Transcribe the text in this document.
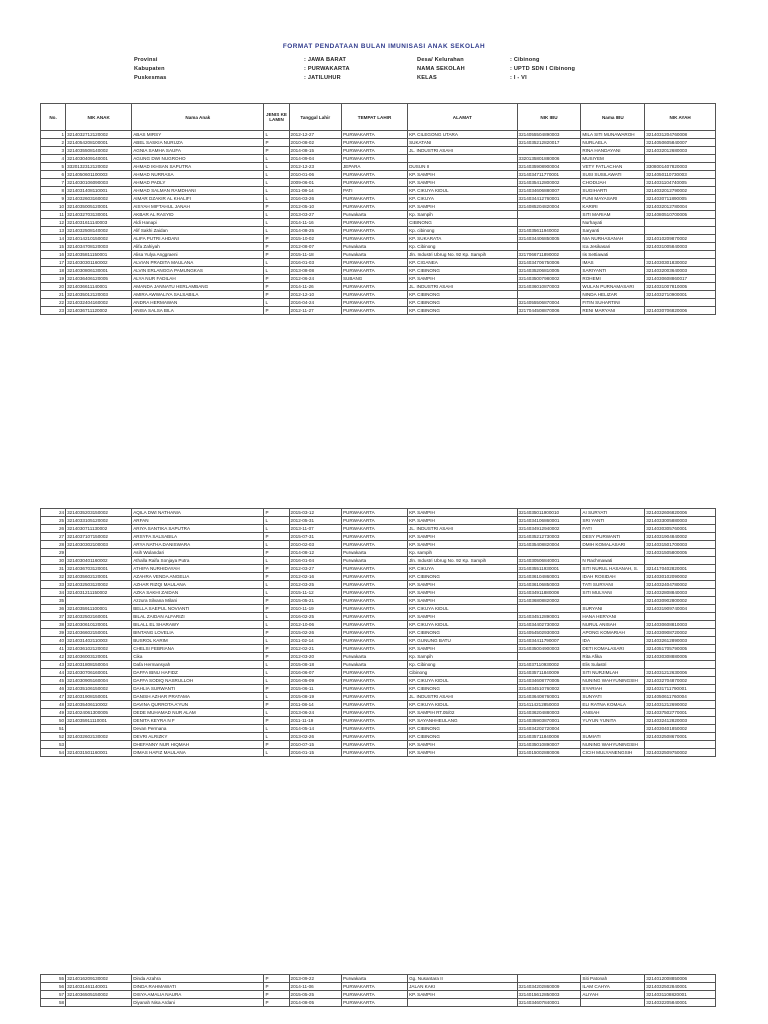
FORMAT PENDATAAN BULAN IMUNISASI ANAK SEKOLAH
Provinsi
Kabupaten
Puskesmas
: JAWA BARAT
: PURWAKARTA
: JATILUHUR
Desa/ Kelurahan
NAMA SEKOLAH
KELAS
: Cibinong
: UPTD SDN I Cibinong
: I - VI
No.	NIK ANAK	Nama Anak	JENIS KELAMIN	Tanggal Lahir	TEMPAT LAHIR	ALAMAT	NIK IBU	Nama IBU	NIK AYAH
1	3214032712120002	ABAS MIRSY	L	2012-12-27	PURWAKARTA	KP. CILEGONG UTARA	3214055504890003	MILA SITI MUNAWAROH	3214031204760008
2	3214054208100001	ABEL SASKIA NURUZA	P	2010-08-02	PURWAKARTA	SUKATANI	3214035212820017	NURLAELA	3214050605840007
3	3214035508140002	AGNIA SAMHA SAUFA	P	2014-08-15	PURWAKARTA	JL. INDUSTRI ASAHI		RINA HANDAYANI	3214032012680003
4	3214030409140001	AGUNG DWI NUGROHO	L	2014-09-04	PURWAKARTA		3320135801880006	MUSIYEM	
5	3320132312120002	AHMAD IKHSAN SAPUTRA	L	2012-12-23	JEPARA	DUSUN II	3214035908900004	VETY FATLACHAN	3308001407820003
6	3214050601100003	AHMAD NURRASA	L	2010-01-06	PURWAKARTA	KP. SAMPIH	3214034711770001	SUSI SUSILAWATI	3214050110730003
7	3214030106090003	AHMAD PADLY	L	2009-06-01	PURWAKARTA	KP. SAMPIH	3214035412800002	CHODIJAH	3214031104740005
8	3214031408110001	AHMAD SALMAN RAMDHANI	L	2011-08-14	PATI	KP. CIKUYA KIDUL	3214034606880007	SUGIHARTI	3214032012790002
9	3214032603160002	AIMAR DZAKIR AL KHALIFI	L	2016-03-26	PURWAKARTA	KP. CIKUYA	3214034412760001	FUNI MAYASARI	3214030711890005
10	3214035005120001	AISYAH MIFTAHUL JANAH	P	2012-05-10	PURWAKARTA	KP. SAMPIH	3214085204820004	KARIRI	3214032012780004
11	3214032703130001	AKBAR AL RASYID	L	2013-03-27	Purwakarta	Kp. Sampih		SITI MARIAM	3214080510700005
12	3214031611140003	Aldi Hanapi	L	2014-11-16	PURWAKARTA	CIBINONG		Nurhayati	
13	3214032508140002	Alif Sakhi Zaidan	L	2014-08-25	PURWAKARTA	Kp. cibinong	3214035611940002	Saryanti	
14	3214014210150002	ALIFA PUTRI AHDANI	P	2015-10-02	PURWAKARTA	KP. SUKARATA	3214034406850005	NIA NURHASANAH	3214010209870002
15	3214034708120003	Alifa Zahiyah	P	2012-08-07	Purwakarta	Kp. Cibinong		Ica Jesikasari	3214031005840003
16	3214035811150001	Alisa Yulya Anggraeni	P	2015-11-18	Purwakarta	Jln. Industri Ubrug No. 92 Kp. Sampih	3217066711890002	Iis Settiawati	
17	3214030301160002	ALVIAN PRADITA MAULANA	L	2016-01-03	PURWAKARTA	KP. CIGANEA	3214034706750006	IMAS	3214030301830002
18	3214030806130001	ALVIN ERLANGGA PAMUNGKAS	L	2013-08-08	PURWAKARTA	KP. CIBINONG	3214035206810005	SARIYANTI	3214032003640003
19	3214036406120005	ALYA NUR FADILAH	P	2012-06-24	SUBANG	KP. SAMPIH	3214035007980002	ROHEMI	3214030608860017
20	3214036611140001	AMANDA JANNATU HERLAMBANG	P	2014-11-26	PURWAKARTA	JL. INDUSTRI ASAHI	3214036010870003	WULAN PURNAMASARI	3214031007810005
21	3214035012120003	AMIRA AWWALIYA SALSABILA	P	2012-12-10	PURWAKARTA	KP. CIBINONG		NINDA HELIZAR	3214032710900001
22	3214032404160002	ANDRA HERMAWAN	L	2016-04-24	PURWAKARTA	KP. CIBINONG	3214055506870004	FITIN SUHARTINI	
23	3214036711120002	ANISA SALSA BILA	P	2012-11-27	PURWAKARTA	KP. CIBINONG	3217044508870006	RENI MARYANI	3214030706820006
24	3214035203150002	AQILA DWI NATHANIA	P	2015-03-12	PURWAKARTA	KP. SAMPIH	3214035011900010	AI SURYATI	3214032606820006
25	3214033105120002	ARFAN	L	2012-05-31	PURWAKARTA	KP. SAMPIH	3214034106860001	SRI YANTI	3214033005880003
26	3214030711130002	ARIYA SANTIKA SAPUTRA	L	2013-11-07	PURWAKARTA	JL. INDUSTRI ASAHI	3214034912940002	FATI	3214030305760001
27	3214037107150002	ARSYFA SALSABILA	P	2015-07-31	PURWAKARTA	KP. SAMPIH	3214035212730003	DESY PURWANTI	3214031904840002
28	3214030302100003	ARYA NATHA DANISWARA	L	2010-02-03	PURWAKARTA	KP. SAMPIH	3214035408820004	DMIH KOMALASARI	3214031501700003
29		Asih Wulandari	P	2014-08-12	Purwakarta	Kp. sampih			3214031505800005
30	3214030401160002	Athalla Raifa Sonjaya Putra	L	2016-01-04	Purwakarta	Jln. Industri Ubrug No. 92 Kp. Sampih	3214030506840001	N Rachmawati	
31	3214036703120001	ATHIFA NURHIDAYAH	P	2012-03-27	PURWAKARTA	KP. CIKUYA	3214035511930001	SITI NURUL HASANAH, S.	3214170402820001
32	3214035602120001	AZAHRA VENDA ANGELIA	P	2012-02-16	PURWAKARTA	KP. CIBINONG	3214036104860001	IDAH ROSIDAH	3214030102090002
33	3214032503120002	AZHAR RIZQI MAULANA	L	2012-03-25	PURWAKARTA	KP. SAMPIH	3214036106850003	TATI SURYANI	3214032404780002
34	3214031211150002	AZKA SAKHI ZAIDAN	L	2015-11-12	PURWAKARTA	KP. SAMPIH	3214034911880008	SITI MULYANI	3214032808840003
35		Azzura Silvana Milani	P	2015-05-21	PURWAKARTA	KP. SAMPIH	3214036808820002		3214030902800002
36	3214035911100001	BELLA SAEPUL NOVIANTI	P	2010-11-19	PURWAKARTA	KP. CIKUYA KIDUL		SURYANI	3214031909740004
37	3214032502160001	BILAL ZAIDAN ALFARIZI	L	2016-02-25	PURWAKARTA	KP. SAMPIH	3214034512890001	HANA HERYANI	
38	3214030610120001	BILALL EL SHARAWY	L	2012-10-06	PURWAKARTA	KP. CIKUYA KIDUL	3214034402730002	NURUL ANISAH	3214030608810003
39	3214036602150001	BINTANG LOVELIA	P	2015-02-26	PURWAKARTA	KP. CIBINONG	3214054502930003	APONG KOMARIAH	3214030908720002
40	3214031402110003	BUSROL KARIM	L	2011-02-14	PURWAKARTA	KP. GUNUNG BATU	3214034411790007	IDA	3214032612890003
41	3214036102120002	CHELSI FEBRIANA	P	2012-02-21	PURWAKARTA	KP. SAMPIH	3214035004900003	DETI KOMALASARI	3214051705790005
42	3214036003120001	Cika	P	2012-03-20	Purwakarta	Kp. Sampih		Rita Afika	3214030308880005
43	3214031808150004	Dafa Hermansyah	L	2015-08-18	Purwakarta	Kp. Cibinong	3214037110930002	Elis Sulastri	
44	3214030706160001	DAFFA IBNU HAFIDZ	L	2016-06-07	PURWAKARTA	Cibinong	3214035711840009	SITI NURJIMLAH	3214031212630006
45	3214030905160004	DAFFA SODIQ NASRULLOH	L	2016-05-09	PURWAKARTA	KP. CIKUYA KIDUL	3214034608770005	NUNING WAHYUNINGSIH	3214032704870002
46	3214035106150002	DAHLIA SURWANTI	P	2015-06-11	PURWAKARTA	KP. CIBINONG	3214034510760002	SYARIAH	3214031711790001
47	3214031908150001	DANISH AZHAR PRATAMA	L	2015-08-19	PURWAKARTA	JL. INDUSTRI ASAHI	3214036408760001	SUNYATI	3214050611760004
48	3214035406110002	DAVINA QURROTA A'YUN	P	2011-08-14	PURWAKARTA	KP. CIKUYA KIDUL	3214114212850003	ELI RATNA KOMALA	3214031212690002
49	3214024061300005	DEDE MUHAMAD NUR ALAM	L	2013-06-24	PURWAKARTA	KP. SAMPIH RT.05/02	3214036204880003	ANISAH	3214037502770001
50	3214035911110001	DENITA KEYRA N F	P	2011-11-19	PURWAKARTA	KP. SAYANHHEULANG	3214035903870001	YUYUN YUNITA	3214032412820003
51		Devan Permana	L	2014-05-14	PURWAKARTA	KP. CIBINONG	3214034202720004		3214030401850002
52	3214032602130002	DEVRI ALRIZKY	L	2013-02-26	PURWAKARTA	KP. CIBINONG	3214035711840008	SUMIATI	3214032508670001
53		DHEFANNY NUR HIQMAH	P	2010-07-15	PURWAKARTA	KP. SAMPIH	3214035010890007	NUNING WAHYUNINGSIH	
54	3214031501160001	DIMAS HAFIZ MAULANA	L	2016-01-15	PURWAKARTA	KP. SAMPIH	3214015002880006	CICIH MULYANENGSIH	3214032509750002
55	3214016209130002	Dinda Azahra	P	2013-09-22	Purwakarta	Gg. Nusantara II		Siti Patonah	3214012008850006
56	3214031461140001	DINDA RAHMAWATI	P	2014-11-06	PURWAKARTA	JALAN KAKI	3214034202860009	ILAM CAHYA	3214032502840001
57	3214036505150002	DISYA AMALIA NAURA	P	2015-05-25	PURWAKARTA	KP. SAMPIH	3214015612850003	ALIYAH	3214031108820001
58		Diyanah Nisa Ardani	P	2014-08-05	PURWAKARTA		3214034607840001		3214032205840001
